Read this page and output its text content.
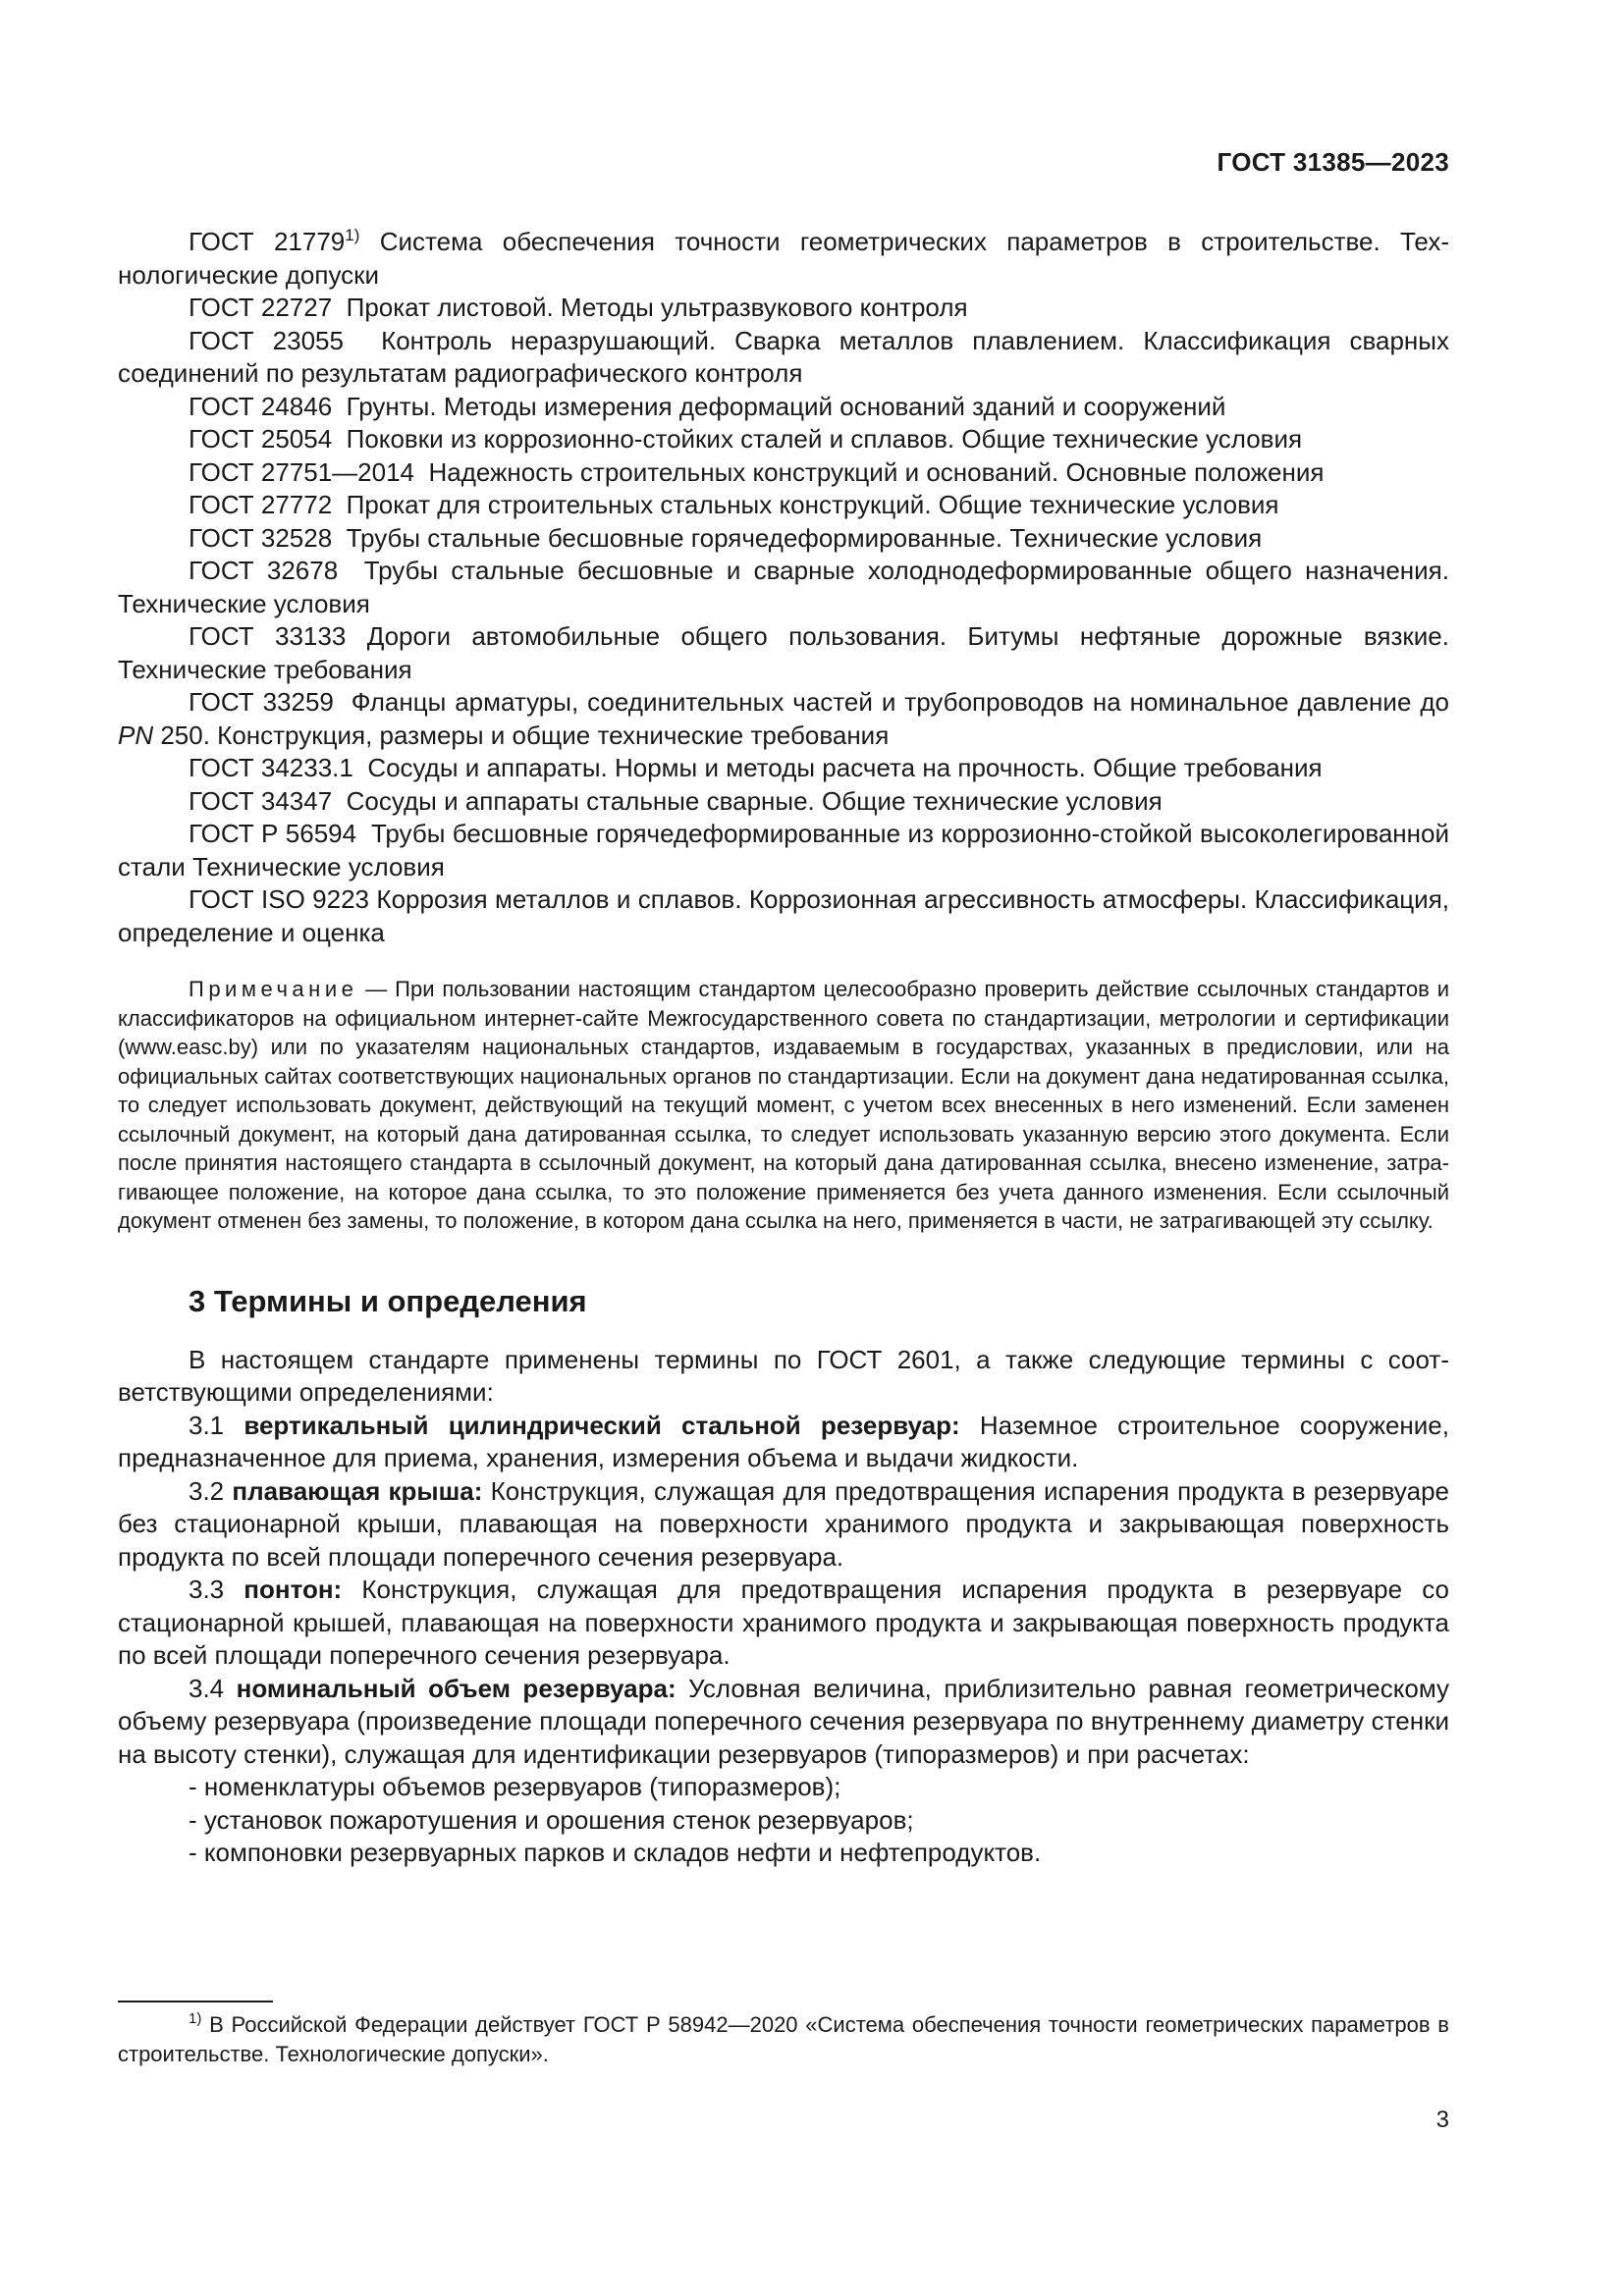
ГОСТ 31385—2023

ГОСТ 21779$^{1)}$ Система обеспечения точности геометрических параметров в строительстве. Технологические допуски

ГОСТ 22727 Прокат листовой. Методы ультразвукового контроля

ГОСТ 23055 Контроль неразрушающий. Сварка металлов плавлением. Классификация сварных соединений по результатам радиографического контроля

ГОСТ 24846 Грунты. Методы измерения деформаций оснований зданий и сооружений

ГОСТ 25054 Поковки из коррозионно-стойких сталей и сплавов. Общие технические условия

ГОСТ 27751—2014 Надежность строительных конструкций и оснований. Основные положения

ГОСТ 27772 Прокат для строительных стальных конструкций. Общие технические условия

ГОСТ 32528 Трубы стальные бесшовные горячедеформированные. Технические условия

ГОСТ 32678 Трубы стальные бесшовные и сварные холоднодеформированные общего назначения. Технические условия

ГОСТ 33133 Дороги автомобильные общего пользования. Битумы нефтяные дорожные вязкие. Технические требования

ГОСТ 33259 Фланцы арматуры, соединительных частей и трубопроводов на номинальное давление до PN 250. Конструкция, размеры и общие технические требования

ГОСТ 34233.1 Сосуды и аппараты. Нормы и методы расчета на прочность. Общие требования

ГОСТ 34347 Сосуды и аппараты стальные сварные. Общие технические условия

ГОСТ Р 56594 Трубы бесшовные горячедеформированные из коррозионно-стойкой высоколегированной стали Технические условия

ГОСТ ISO 9223 Коррозия металлов и сплавов. Коррозионная агрессивность атмосферы. Классификация, определение и оценка

Примечание — При пользовании настоящим стандартом целесообразно проверить действие ссылочных стандартов и классификаторов на официальном интернет-сайте Межгосударственного совета по стандартизации, метрологии и сертификации (www.easc.by) или по указателям национальных стандартов, издаваемым в государствах, указанных в предисловии, или на официальных сайтах соответствующих национальных органов по стандартизации. Если на документ дана недатированная ссылка, то следует использовать документ, действующий на текущий момент, с учетом всех внесенных в него изменений. Если заменен ссылочный документ, на который дана датированная ссылка, то следует использовать указанную версию этого документа. Если после принятия настоящего стандарта в ссылочный документ, на который дана датированная ссылка, внесено изменение, затрагивающее положение, на которое дана ссылка, то это положение применяется без учета данного изменения. Если ссылочный документ отменен без замены, то положение, в котором дана ссылка на него, применяется в части, не затрагивающей эту ссылку.

3 Термины и определения

В настоящем стандарте применены термины по ГОСТ 2601, а также следующие термины с соответствующими определениями:

3.1 вертикальный цилиндрический стальной резервуар: Наземное строительное сооружение, предназначенное для приема, хранения, измерения объема и выдачи жидкости.

3.2 плавающая крыша: Конструкция, служащая для предотвращения испарения продукта в резервуаре без стационарной крыши, плавающая на поверхности хранимого продукта и закрывающая поверхность продукта по всей площади поперечного сечения резервуара.

3.3 понтон: Конструкция, служащая для предотвращения испарения продукта в резервуаре со стационарной крышей, плавающая на поверхности хранимого продукта и закрывающая поверхность продукта по всей площади поперечного сечения резервуара.

3.4 номинальный объем резервуара: Условная величина, приблизительно равная геометрическому объему резервуара (произведение площади поперечного сечения резервуара по внутреннему диаметру стенки на высоту стенки), служащая для идентификации резервуаров (типоразмеров) и при расчетах:

- номенклатуры объемов резервуаров (типоразмеров);
- установок пожаротушения и орошения стенок резервуаров;
- компоновки резервуарных парков и складов нефти и нефтепродуктов.

$^{1)}$ В Российской Федерации действует ГОСТ Р 58942—2020 «Система обеспечения точности геометрических параметров в строительстве. Технологические допуски».

3
